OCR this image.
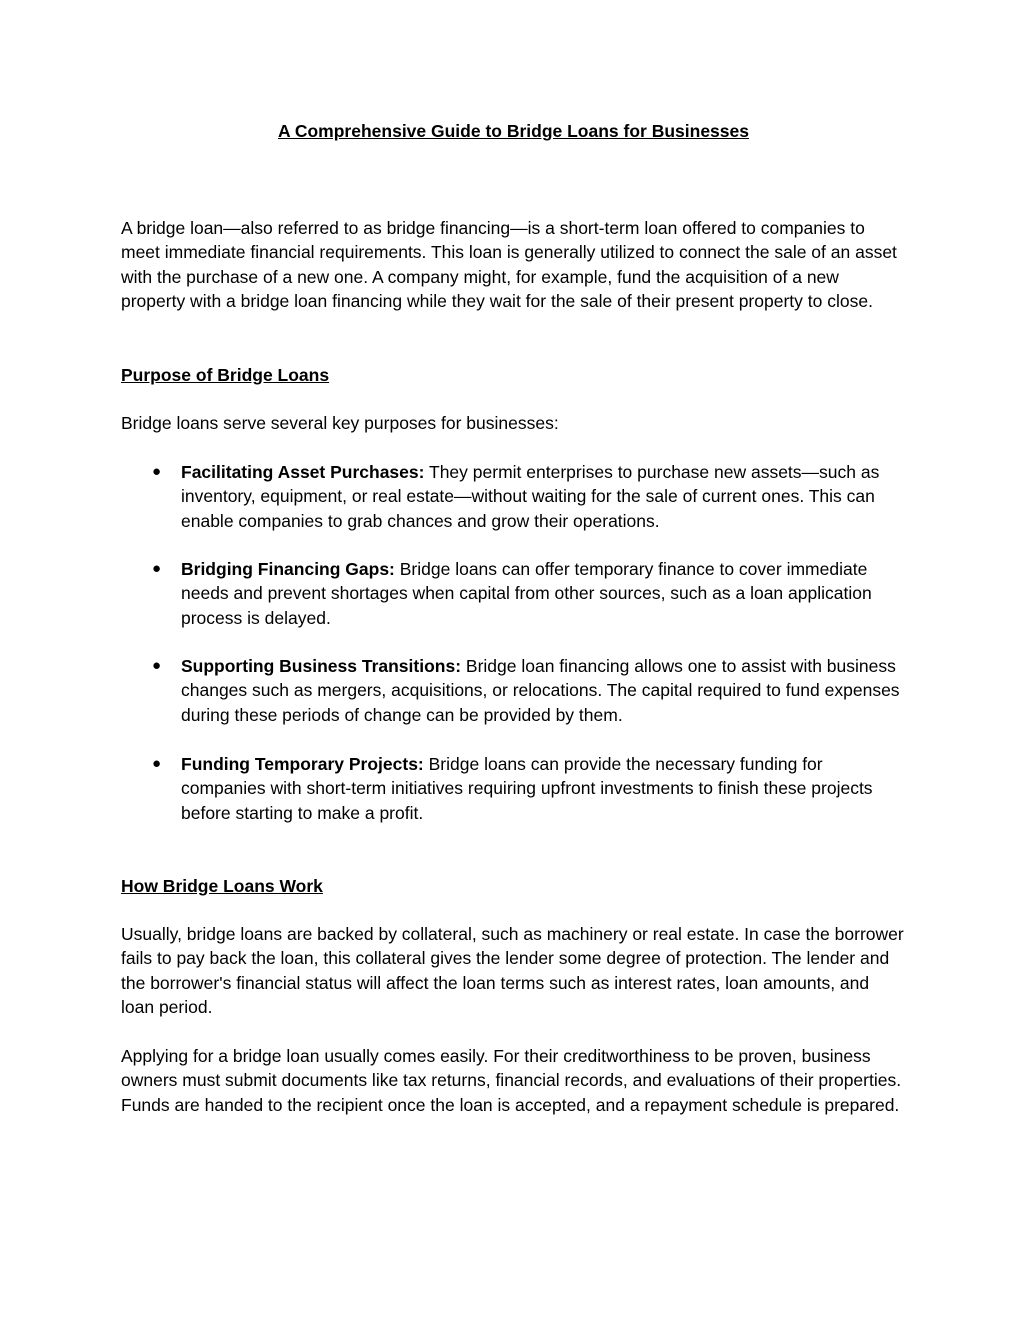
A Comprehensive Guide to Bridge Loans for Businesses

A bridge loan—also referred to as bridge financing—is a short-term loan offered to companies to meet immediate financial requirements. This loan is generally utilized to connect the sale of an asset with the purchase of a new one. A company might, for example, fund the acquisition of a new property with a bridge loan financing while they wait for the sale of their present property to close.

Purpose of Bridge Loans

Bridge loans serve several key purposes for businesses:

● Facilitating Asset Purchases: They permit enterprises to purchase new assets—such as inventory, equipment, or real estate—without waiting for the sale of current ones. This can enable companies to grab chances and grow their operations.
● Bridging Financing Gaps: Bridge loans can offer temporary finance to cover immediate needs and prevent shortages when capital from other sources, such as a loan application process is delayed.
● Supporting Business Transitions: Bridge loan financing allows one to assist with business changes such as mergers, acquisitions, or relocations. The capital required to fund expenses during these periods of change can be provided by them.
● Funding Temporary Projects: Bridge loans can provide the necessary funding for companies with short-term initiatives requiring upfront investments to finish these projects before starting to make a profit.
How Bridge Loans Work

Usually, bridge loans are backed by collateral, such as machinery or real estate. In case the borrower fails to pay back the loan, this collateral gives the lender some degree of protection. The lender and the borrower's financial status will affect the loan terms such as interest rates, loan amounts, and loan period.

Applying for a bridge loan usually comes easily. For their creditworthiness to be proven, business owners must submit documents like tax returns, financial records, and evaluations of their properties. Funds are handed to the recipient once the loan is accepted, and a repayment schedule is prepared.
